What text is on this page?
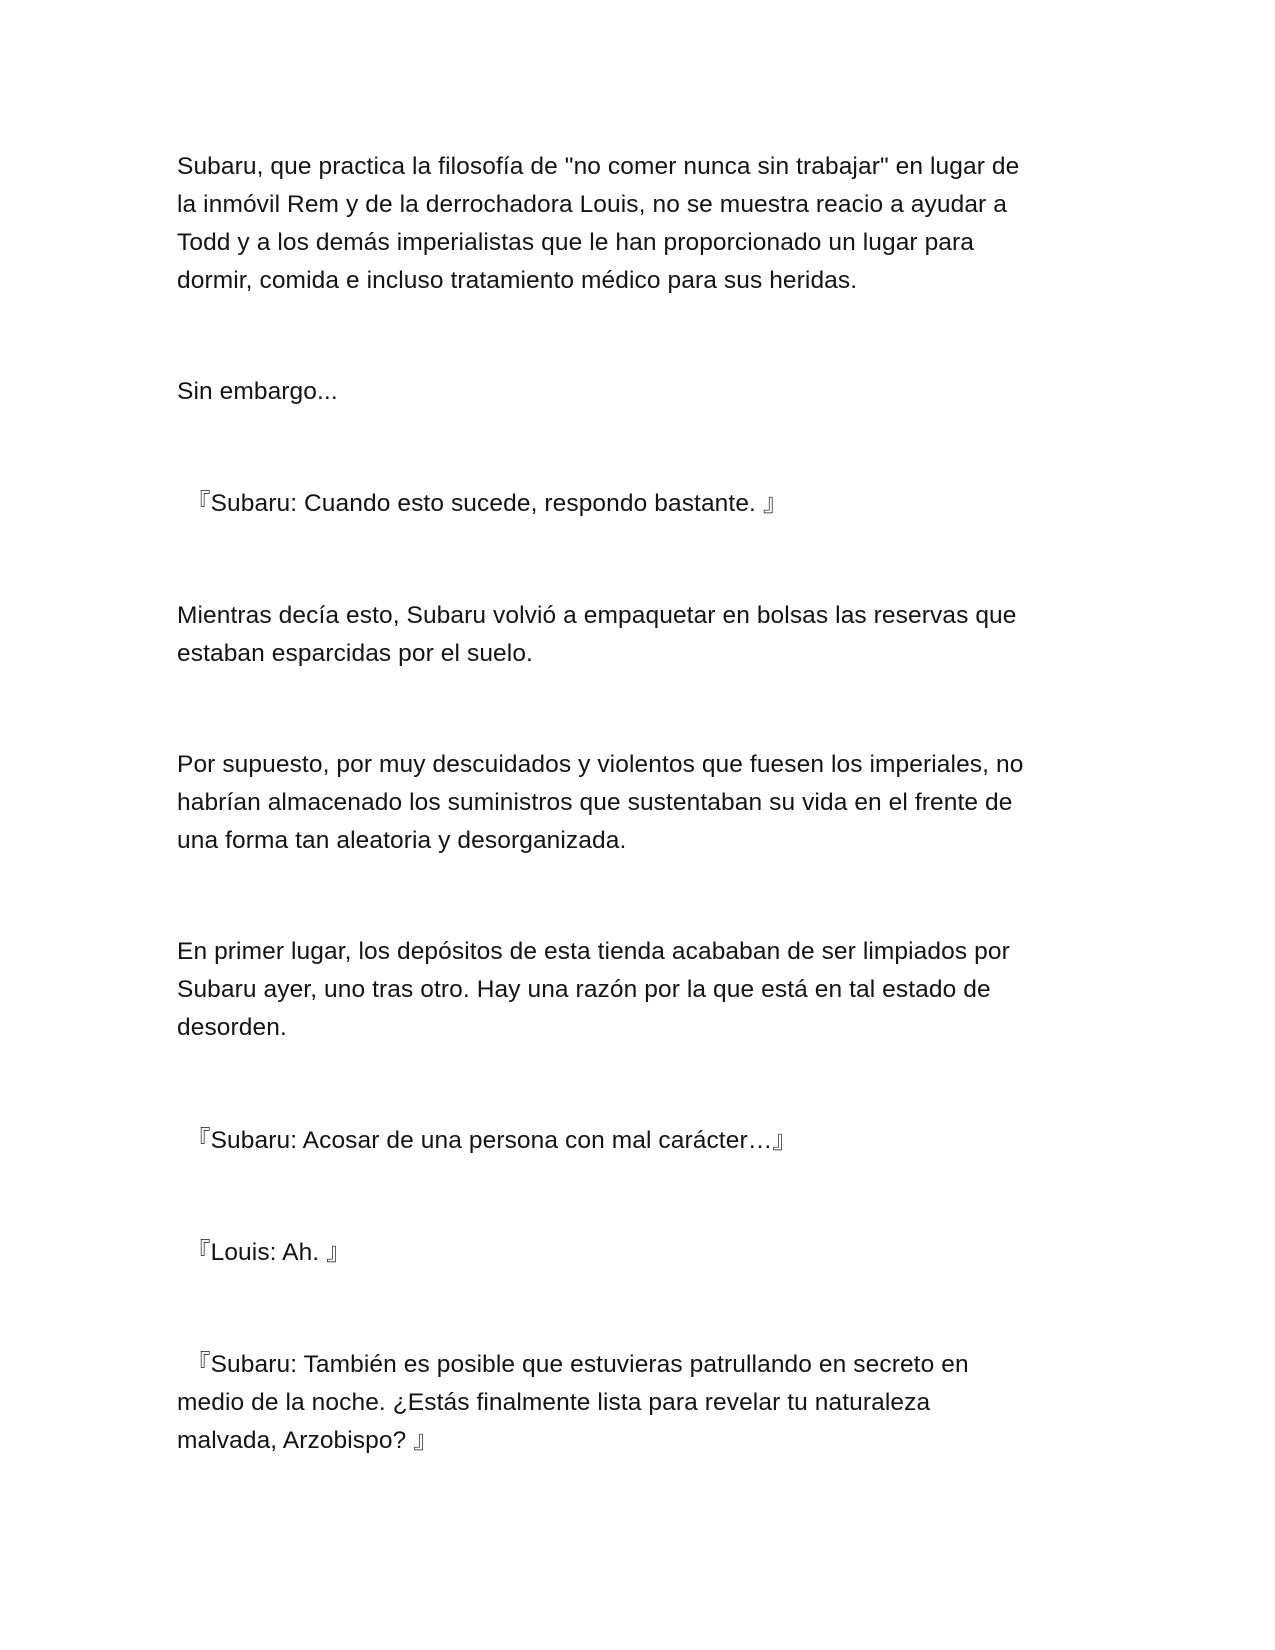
Subaru, que practica la filosofía de "no comer nunca sin trabajar" en lugar de
la inmóvil Rem y de la derrochadora Louis, no se muestra reacio a ayudar a
Todd y a los demás imperialistas que le han proporcionado un lugar para
dormir, comida e incluso tratamiento médico para sus heridas.

Sin embargo...

『Subaru: Cuando esto sucede, respondo bastante. 』

Mientras decía esto, Subaru volvió a empaquetar en bolsas las reservas que
estaban esparcidas por el suelo.

Por supuesto, por muy descuidados y violentos que fuesen los imperiales, no
habrían almacenado los suministros que sustentaban su vida en el frente de
una forma tan aleatoria y desorganizada.

En primer lugar, los depósitos de esta tienda acababan de ser limpiados por
Subaru ayer, uno tras otro. Hay una razón por la que está en tal estado de
desorden.

『Subaru: Acosar de una persona con mal carácter…』

『Louis: Ah. 』

『Subaru: También es posible que estuvieras patrullando en secreto en
medio de la noche. ¿Estás finalmente lista para revelar tu naturaleza
malvada, Arzobispo? 』
